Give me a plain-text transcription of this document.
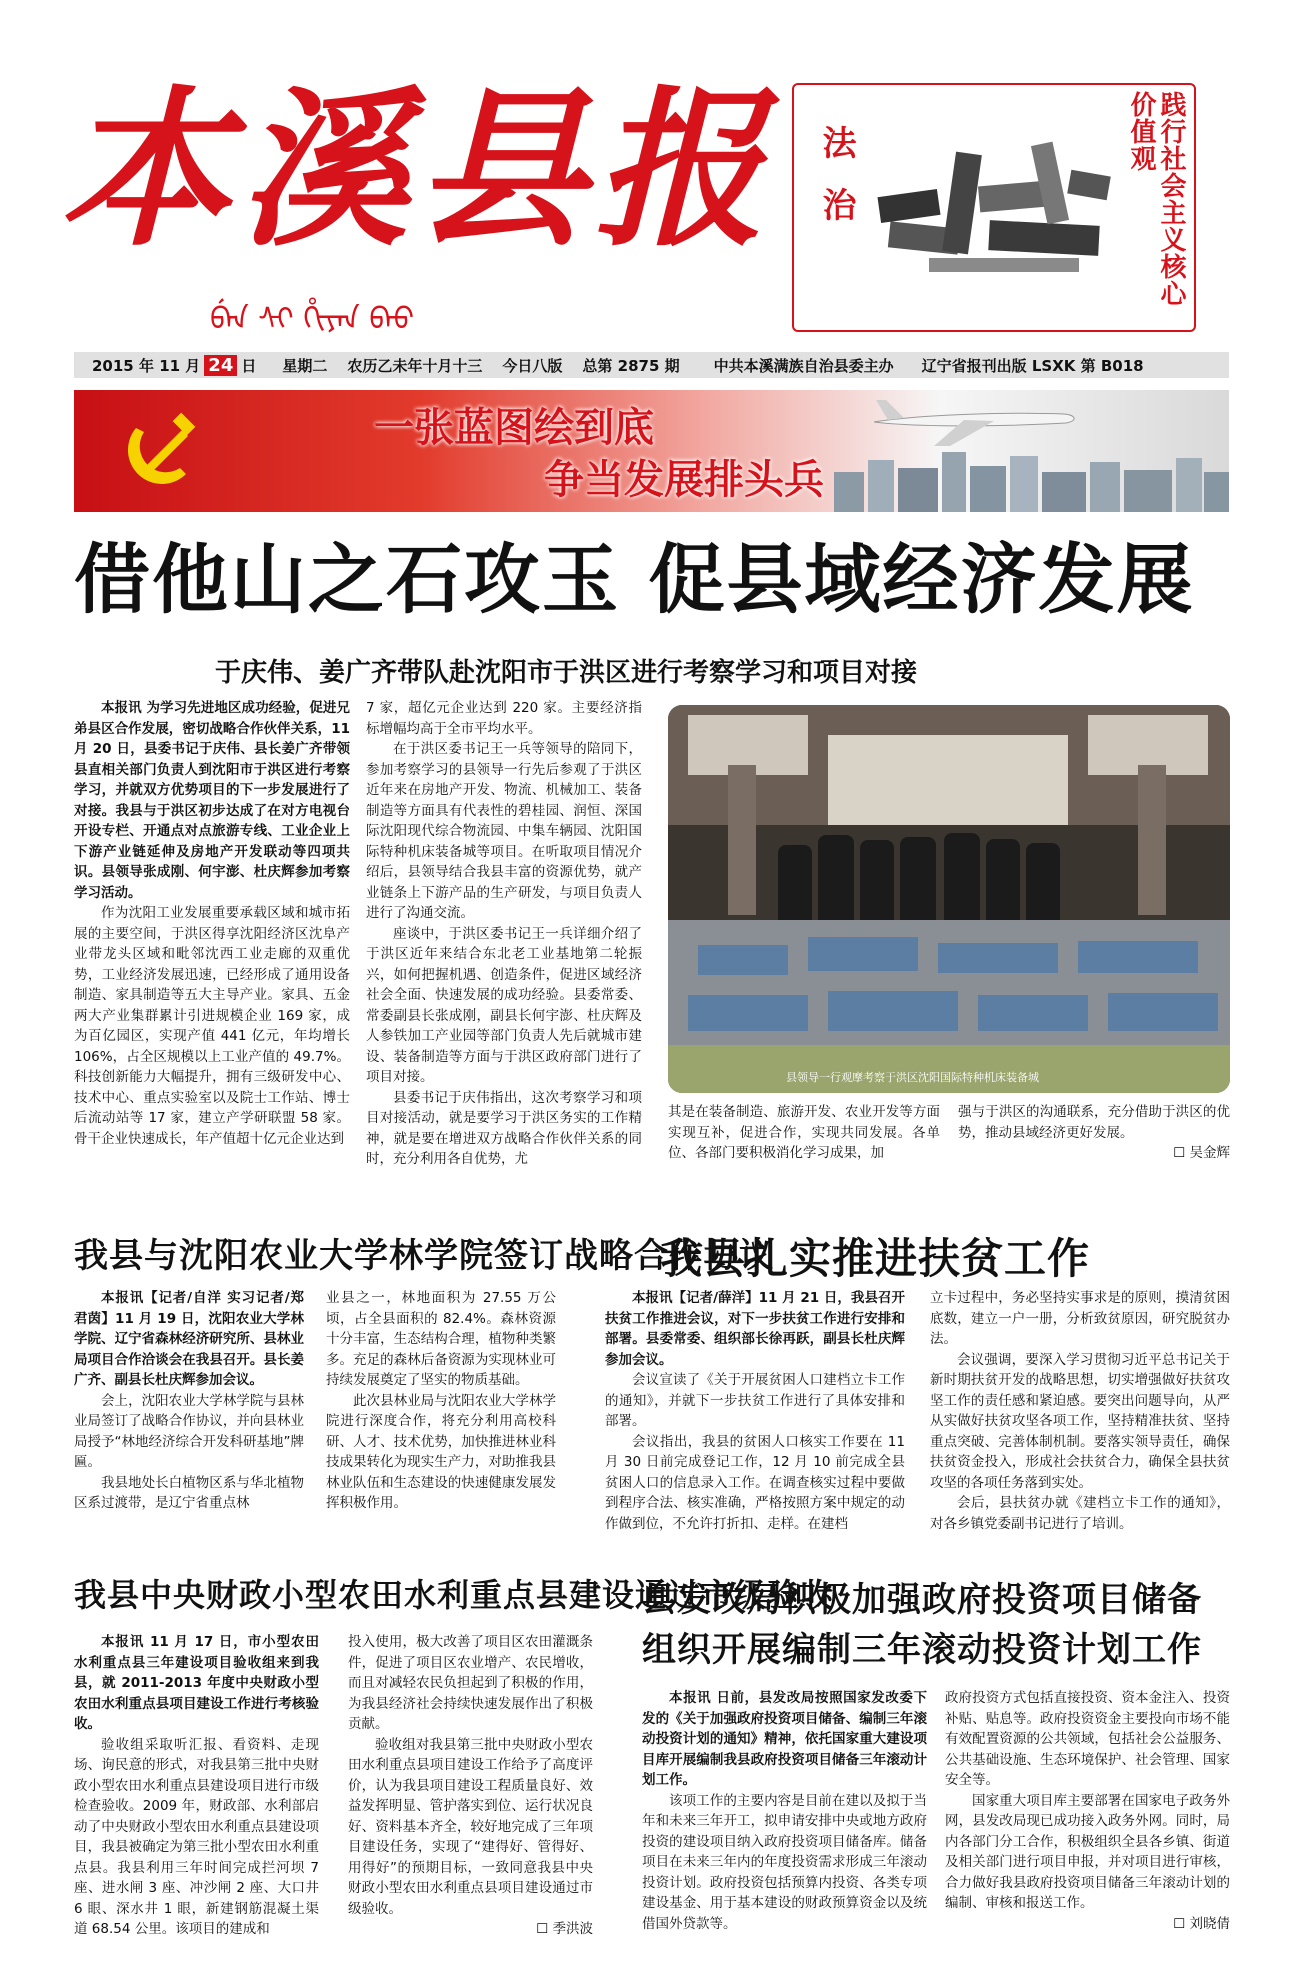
本溪县报
ᠪᡝᠨ ᠰᡳ ᡥᡳᠶᠠᠨ ᠪᠠᠣ
法治	践行社会主义核心价值观
2015 年 11 月 24 日 星期二 农历乙未年十月十三 今日八版 总第 2875 期 中共本溪满族自治县委主办 辽宁省报刊出版 LSXK 第 B018
一张蓝图绘到底
争当发展排头兵
借他山之石攻玉 促县域经济发展
于庆伟、姜广齐带队赴沈阳市于洪区进行考察学习和项目对接

本报讯 为学习先进地区成功经验，促进兄弟县区合作发展，密切战略合作伙伴关系，11 月 20 日，县委书记于庆伟、县长姜广齐带领县直相关部门负责人到沈阳市于洪区进行考察学习，并就双方优势项目的下一步发展进行了对接。我县与于洪区初步达成了在对方电视台开设专栏、开通点对点旅游专线、工业企业上下游产业链延伸及房地产开发联动等四项共识。县领导张成刚、何宇澎、杜庆辉参加考察学习活动。

作为沈阳工业发展重要承载区域和城市拓展的主要空间，于洪区得享沈阳经济区沈阜产业带龙头区域和毗邻沈西工业走廊的双重优势，工业经济发展迅速，已经形成了通用设备制造、家具制造等五大主导产业。家具、五金两大产业集群累计引进规模企业 169 家，成为百亿园区，实现产值 441 亿元，年均增长 106%，占全区规模以上工业产值的 49.7%。科技创新能力大幅提升，拥有三级研发中心、技术中心、重点实验室以及院士工作站、博士后流动站等 17 家，建立产学研联盟 58 家。骨干企业快速成长，年产值超十亿元企业达到

7 家，超亿元企业达到 220 家。主要经济指标增幅均高于全市平均水平。

在于洪区委书记王一兵等领导的陪同下，参加考察学习的县领导一行先后参观了于洪区近年来在房地产开发、物流、机械加工、装备制造等方面具有代表性的碧桂园、润恒、深国际沈阳现代综合物流园、中集车辆园、沈阳国际特种机床装备城等项目。在听取项目情况介绍后，县领导结合我县丰富的资源优势，就产业链条上下游产品的生产研发，与项目负责人进行了沟通交流。

座谈中，于洪区委书记王一兵详细介绍了于洪区近年来结合东北老工业基地第二轮振兴，如何把握机遇、创造条件，促进区域经济社会全面、快速发展的成功经验。县委常委、常委副县长张成刚，副县长何宇澎、杜庆辉及人参铁加工产业园等部门负责人先后就城市建设、装备制造等方面与于洪区政府部门进行了项目对接。

县委书记于庆伟指出，这次考察学习和项目对接活动，就是要学习于洪区务实的工作精神，就是要在增进双方战略合作伙伴关系的同时，充分利用各自优势，尤

县领导一行观摩考察于洪区沈阳国际特种机床装备城

其是在装备制造、旅游开发、农业开发等方面实现互补，促进合作，实现共同发展。各单位、各部门要积极消化学习成果，加

强与于洪区的沟通联系，充分借助于洪区的优势，推动县域经济更好发展。

☐ 吴金辉
我县与沈阳农业大学林学院签订战略合作协议

本报讯【记者/自洋 实习记者/郑君茵】11 月 19 日，沈阳农业大学林学院、辽宁省森林经济研究所、县林业局项目合作洽谈会在我县召开。县长姜广齐、副县长杜庆辉参加会议。

会上，沈阳农业大学林学院与县林业局签订了战略合作协议，并向县林业局授予“林地经济综合开发科研基地”牌匾。

我县地处长白植物区系与华北植物区系过渡带，是辽宁省重点林

业县之一，林地面积为 27.55 万公顷，占全县面积的 82.4%。森林资源十分丰富，生态结构合理，植物种类繁多。充足的森林后备资源为实现林业可持续发展奠定了坚实的物质基础。

此次县林业局与沈阳农业大学林学院进行深度合作，将充分利用高校科研、人才、技术优势，加快推进林业科技成果转化为现实生产力，对助推我县林业队伍和生态建设的快速健康发展发挥积极作用。

我县扎实推进扶贫工作

本报讯【记者/薛洋】11 月 21 日，我县召开扶贫工作推进会议，对下一步扶贫工作进行安排和部署。县委常委、组织部长徐再跃，副县长杜庆辉参加会议。

会议宣读了《关于开展贫困人口建档立卡工作的通知》，并就下一步扶贫工作进行了具体安排和部署。

会议指出，我县的贫困人口核实工作要在 11 月 30 日前完成登记工作，12 月 10 前完成全县贫困人口的信息录入工作。在调查核实过程中要做到程序合法、核实准确，严格按照方案中规定的动作做到位，不允许打折扣、走样。在建档

立卡过程中，务必坚持实事求是的原则，摸清贫困底数，建立一户一册，分析致贫原因，研究脱贫办法。

会议强调，要深入学习贯彻习近平总书记关于新时期扶贫开发的战略思想，切实增强做好扶贫攻坚工作的责任感和紧迫感。要突出问题导向，从严从实做好扶贫攻坚各项工作，坚持精准扶贫、坚持重点突破、完善体制机制。要落实领导责任，确保扶贫资金投入，形成社会扶贫合力，确保全县扶贫攻坚的各项任务落到实处。

会后，县扶贫办就《建档立卡工作的通知》，对各乡镇党委副书记进行了培训。

我县中央财政小型农田水利重点县建设通过市级验收

本报讯 11 月 17 日，市小型农田水利重点县三年建设项目验收组来到我县，就 2011-2013 年度中央财政小型农田水利重点县项目建设工作进行考核验收。

验收组采取听汇报、看资料、走现场、询民意的形式，对我县第三批中央财政小型农田水利重点县建设项目进行市级检查验收。2009 年，财政部、水利部启动了中央财政小型农田水利重点县建设项目，我县被确定为第三批小型农田水利重点县。我县利用三年时间完成拦河坝 7 座、进水闸 3 座、冲沙闸 2 座、大口井 6 眼、深水井 1 眼，新建钢筋混凝土渠道 68.54 公里。该项目的建成和

投入使用，极大改善了项目区农田灌溉条件，促进了项目区农业增产、农民增收，而且对减轻农民负担起到了积极的作用，为我县经济社会持续快速发展作出了积极贡献。

验收组对我县第三批中央财政小型农田水利重点县项目建设工作给予了高度评价，认为我县项目建设工程质量良好、效益发挥明显、管护落实到位、运行状况良好、资料基本齐全，较好地完成了三年项目建设任务，实现了“建得好、管得好、用得好”的预期目标，一致同意我县中央财政小型农田水利重点县项目建设通过市级验收。

☐ 季洪波
县发改局积极加强政府投资项目储备
组织开展编制三年滚动投资计划工作

本报讯 日前，县发改局按照国家发改委下发的《关于加强政府投资项目储备、编制三年滚动投资计划的通知》精神，依托国家重大建设项目库开展编制我县政府投资项目储备三年滚动计划工作。

该项工作的主要内容是目前在建以及拟于当年和未来三年开工，拟申请安排中央或地方政府投资的建设项目纳入政府投资项目储备库。储备项目在未来三年内的年度投资需求形成三年滚动投资计划。政府投资包括预算内投资、各类专项建设基金、用于基本建设的财政预算资金以及统借国外贷款等。

政府投资方式包括直接投资、资本金注入、投资补贴、贴息等。政府投资资金主要投向市场不能有效配置资源的公共领域，包括社会公益服务、公共基础设施、生态环境保护、社会管理、国家安全等。

国家重大项目库主要部署在国家电子政务外网，县发改局现已成功接入政务外网。同时，局内各部门分工合作，积极组织全县各乡镇、街道及相关部门进行项目申报，并对项目进行审核，合力做好我县政府投资项目储备三年滚动计划的编制、审核和报送工作。

☐ 刘晓倩
